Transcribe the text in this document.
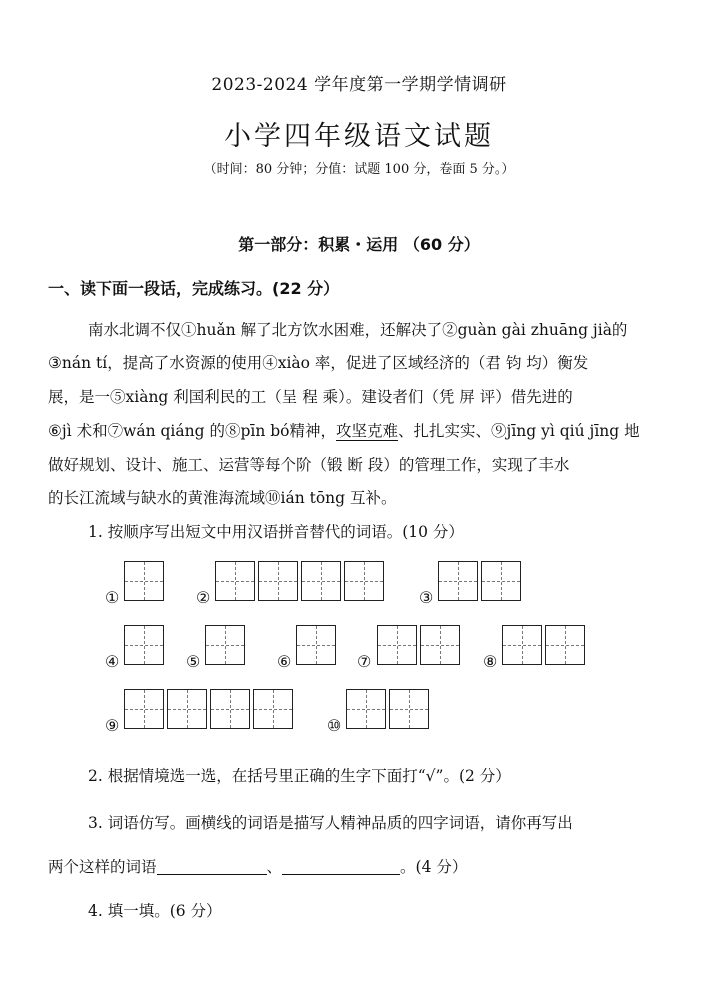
2023-2024 学年度第一学期学情调研
小学四年级语文试题
（时间：80 分钟；分值：试题 100 分，卷面 5 分。）
第一部分：积累・运用 （60 分）
一、读下面一段话，完成练习。(22 分）
南水北调不仅①huǎn 解了北方饮水困难，还解决了②guàn gài zhuāng jià的
③nán tí，提高了水资源的使用④xiào 率，促进了区域经济的（君 钧 均）衡发
展，是一⑤xiàng 利国利民的工（呈 程 乘）。建设者们（凭 屏 评）借先进的
⑥jì 术和⑦wán qiáng 的⑧pīn bó精神，攻坚克难、扎扎实实、⑨jīng yì qiú jīng 地
做好规划、设计、施工、运营等每个阶（锻 断 段）的管理工作，实现了丰水
的长江流域与缺水的黄淮海流域⑩ián tōng 互补。
1. 按顺序写出短文中用汉语拼音替代的词语。(10 分）
①	②	③
④	⑤	⑥	⑦	⑧
⑨	⑩
2. 根据情境选一选，在括号里正确的生字下面打“√”。(2 分）
3. 词语仿写。画横线的词语是描写人精神品质的四字词语，请你再写出
两个这样的词语	、	。(4 分）
4. 填一填。(6 分）
